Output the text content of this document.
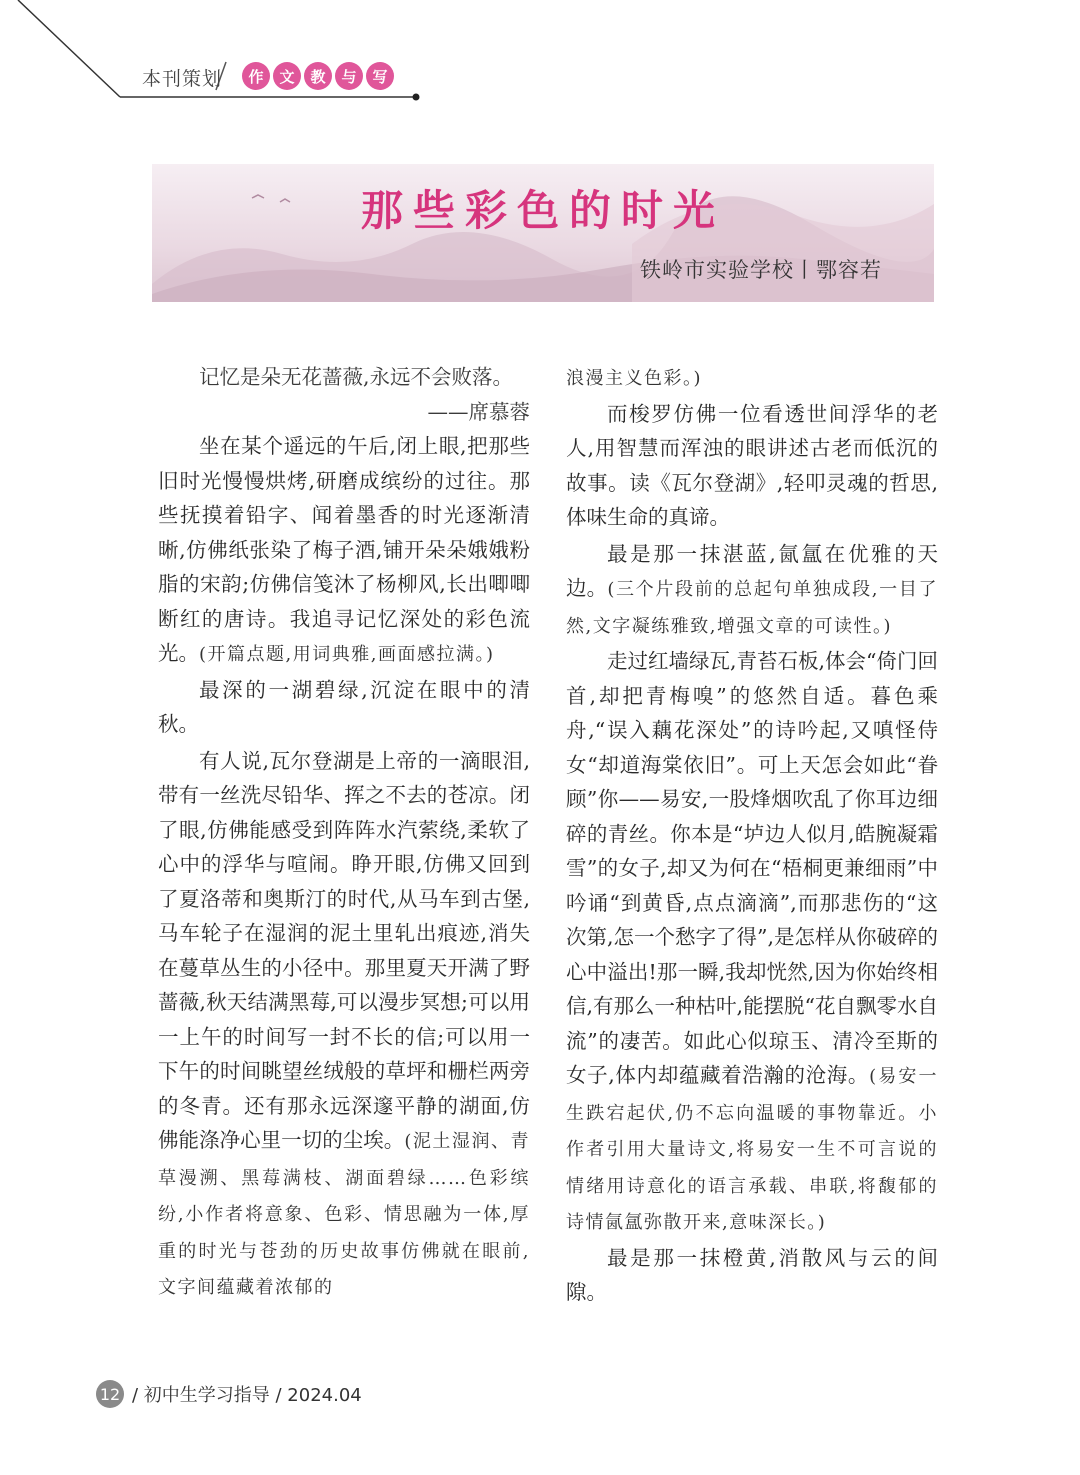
本刊策划	作	文	教	与	写
那些彩色的时光
铁岭市实验学校丨鄂容若

记忆是朵无花蔷薇,永远不会败落。

——席慕蓉

坐在某个遥远的午后,闭上眼,把那些旧时光慢慢烘烤,研磨成缤纷的过往。那些抚摸着铅字、闻着墨香的时光逐渐清晰,仿佛纸张染了梅子酒,铺开朵朵娥娥粉脂的宋韵;仿佛信笺沐了杨柳风,长出唧唧断红的唐诗。我追寻记忆深处的彩色流光。(开篇点题,用词典雅,画面感拉满。)

最深的一湖碧绿,沉淀在眼中的清秋。

有人说,瓦尔登湖是上帝的一滴眼泪,带有一丝洗尽铅华、挥之不去的苍凉。闭了眼,仿佛能感受到阵阵水汽萦绕,柔软了心中的浮华与喧闹。睁开眼,仿佛又回到了夏洛蒂和奥斯汀的时代,从马车到古堡,马车轮子在湿润的泥土里轧出痕迹,消失在蔓草丛生的小径中。那里夏天开满了野蔷薇,秋天结满黑莓,可以漫步冥想;可以用一上午的时间写一封不长的信;可以用一下午的时间眺望丝绒般的草坪和栅栏两旁的冬青。还有那永远深邃平静的湖面,仿佛能涤净心里一切的尘埃。(泥土湿润、青草漫溯、黑莓满枝、湖面碧绿……色彩缤纷,小作者将意象、色彩、情思融为一体,厚重的时光与苍劲的历史故事仿佛就在眼前,文字间蕴藏着浓郁的

浪漫主义色彩。)

而梭罗仿佛一位看透世间浮华的老人,用智慧而浑浊的眼讲述古老而低沉的故事。读《瓦尔登湖》,轻叩灵魂的哲思,体味生命的真谛。

最是那一抹湛蓝,氤氲在优雅的天边。(三个片段前的总起句单独成段,一目了然,文字凝练雅致,增强文章的可读性。)

走过红墙绿瓦,青苔石板,体会“倚门回首,却把青梅嗅”的悠然自适。暮色乘舟,“误入藕花深处”的诗吟起,又嗔怪侍女“却道海棠依旧”。可上天怎会如此“眷顾”你——易安,一股烽烟吹乱了你耳边细碎的青丝。你本是“垆边人似月,皓腕凝霜雪”的女子,却又为何在“梧桐更兼细雨”中吟诵“到黄昏,点点滴滴”,而那悲伤的“这次第,怎一个愁字了得”,是怎样从你破碎的心中溢出!那一瞬,我却恍然,因为你始终相信,有那么一种枯叶,能摆脱“花自飘零水自流”的凄苦。如此心似琼玉、清冷至斯的女子,体内却蕴藏着浩瀚的沧海。(易安一生跌宕起伏,仍不忘向温暖的事物靠近。小作者引用大量诗文,将易安一生不可言说的情绪用诗意化的语言承载、串联,将馥郁的诗情氤氲弥散开来,意味深长。)

最是那一抹橙黄,消散风与云的间隙。

12 / 初中生学习指导 / 2024.04
